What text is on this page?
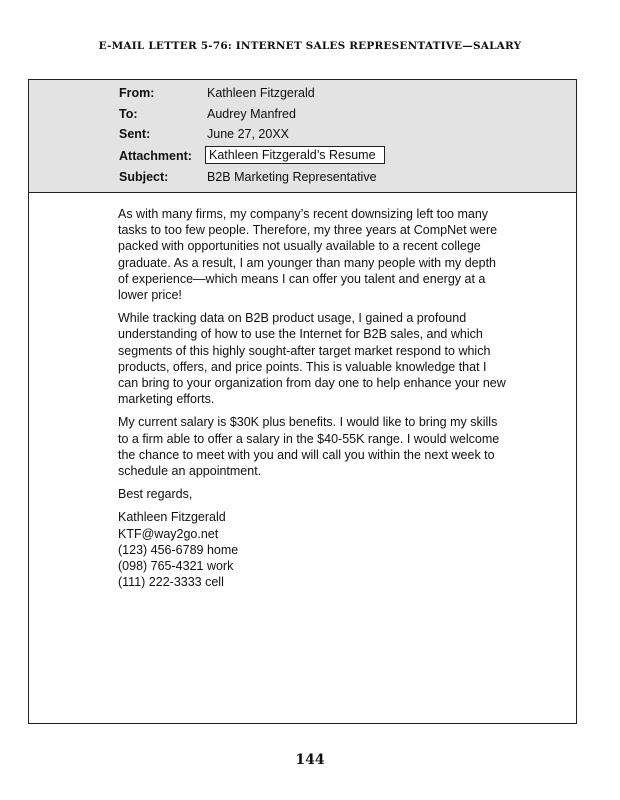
E-MAIL LETTER 5-76: INTERNET SALES REPRESENTATIVE—SALARY
From:	Kathleen Fitzgerald
To:	Audrey Manfred
Sent:	June 27, 20XX
Attachment:	Kathleen Fitzgerald’s Resume
Subject:	B2B Marketing Representative

As with many firms, my company’s recent downsizing left too many tasks to too few people. Therefore, my three years at CompNet were packed with opportunities not usually available to a recent college graduate. As a result, I am younger than many people with my depth of experience—which means I can offer you talent and energy at a lower price!

While tracking data on B2B product usage, I gained a profound understanding of how to use the Internet for B2B sales, and which segments of this highly sought-after target market respond to which products, offers, and price points. This is valuable knowledge that I can bring to your organization from day one to help enhance your new marketing efforts.

My current salary is $30K plus benefits. I would like to bring my skills to a firm able to offer a salary in the $40-55K range. I would welcome the chance to meet with you and will call you within the next week to schedule an appointment.

Best regards,

Kathleen Fitzgerald
KTF@way2go.net
(123) 456-6789 home
(098) 765-4321 work
(111) 222-3333 cell
144
